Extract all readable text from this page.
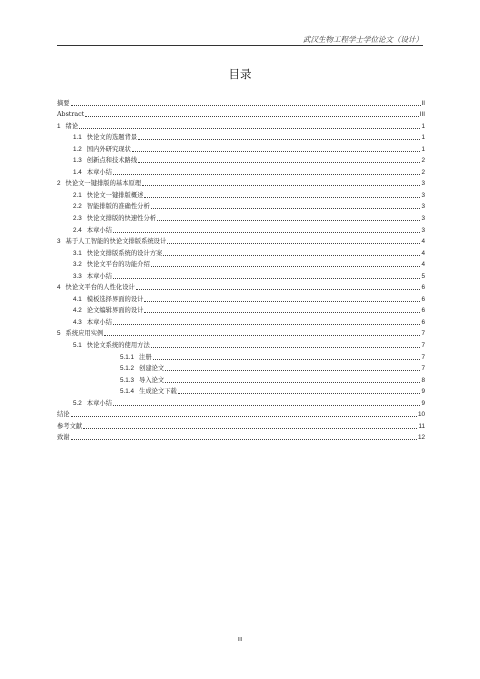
武汉生物工程学士学位论文（设计）
目录
摘要	II
Abstract	III
1 绪论	1
1.1 快论文的选题背景	1
1.2 国内外研究现状	1
1.3 创新点和技术路线	2
1.4 本章小结	2
2 快论文一键排版的基本原理	3
2.1 快论文一键排版概述	3
2.2 智能排版的准确性分析	3
2.3 快论文排版的快速性分析	3
2.4 本章小结	3
3 基于人工智能的快论文排版系统设计	4
3.1 快论文排版系统的设计方案	4
3.2 快论文平台的功能介绍	4
3.3 本章小结	5
4 快论文平台的人性化设计	6
4.1 模板选择界面的设计	6
4.2 论文编辑界面的设计	6
4.3 本章小结	6
5 系统应用实例	7
5.1 快论文系统的使用方法	7
5.1.1 注册	7
5.1.2 创建论文	7
5.1.3 导入论文	8
5.1.4 生成论文下载	9
5.2 本章小结	9
结论	10
参考文献	11
致谢	12
III
